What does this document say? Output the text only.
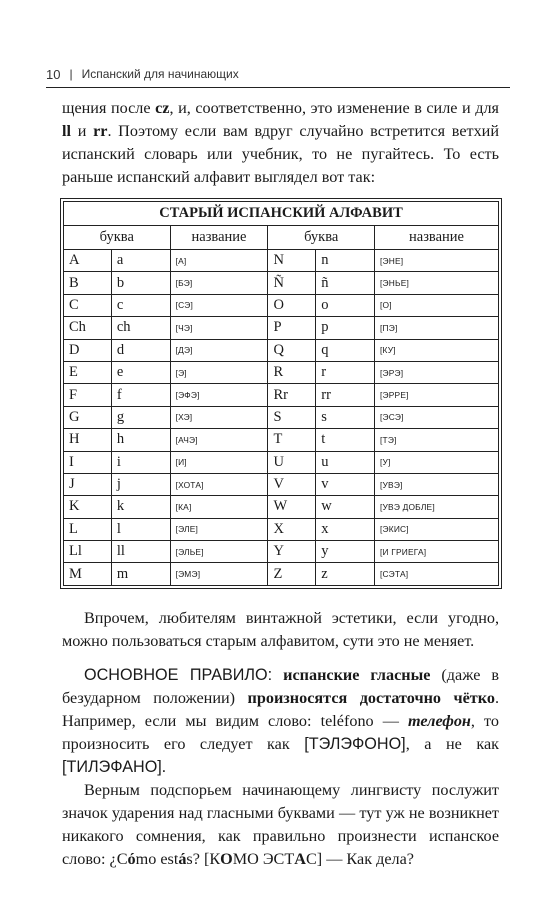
10 | Испанский для начинающих

щения после cz, и, соответственно, это изменение в силе и для ll и rr. Поэтому если вам вдруг случайно встретится ветхий испанский словарь или учебник, то не пугайтесь. То есть раньше испанский алфавит выглядел вот так:

СТАРЫЙ ИСПАНСКИЙ АЛФАВИТ					
буква		название	буква		название
A	a	[А]	N	n	[ЭНЕ]
B	b	[БЭ]	Ñ	ñ	[ЭНЬЕ]
C	c	[СЭ]	O	o	[О]
Ch	ch	[ЧЭ]	P	p	[ПЭ]
D	d	[ДЭ]	Q	q	[КУ]
E	e	[Э]	R	r	[ЭРЭ]
F	f	[ЭФЭ]	Rr	rr	[ЭРРЕ]
G	g	[ХЭ]	S	s	[ЭСЭ]
H	h	[АЧЭ]	T	t	[ТЭ]
I	i	[И]	U	u	[У]
J	j	[ХОТА]	V	v	[УВЭ]
K	k	[КА]	W	w	[УВЭ ДОБЛЕ]
L	l	[ЭЛЕ]	X	x	[ЭКИС]
Ll	ll	[ЭЛЬЕ]	Y	y	[И ГРИЕГА]
M	m	[ЭМЭ]	Z	z	[СЭТА]

Впрочем, любителям винтажной эстетики, если угодно, можно пользоваться старым алфавитом, сути это не меняет.

ОСНОВНОЕ ПРАВИЛО: испанские гласные (даже в безударном положении) произносятся достаточно чётко. Например, если мы видим слово: teléfono — телефон, то произносить его следует как [ТЭЛЭФОНО], а не как [ТИЛЭФАНО].

Верным подспорьем начинающему лингвисту послужит значок ударения над гласными буквами — тут уж не возникнет никакого сомнения, как правильно произнести испанское слово: ¿Cómo estás? [КОМО ЭСТАС] — Как дела?
